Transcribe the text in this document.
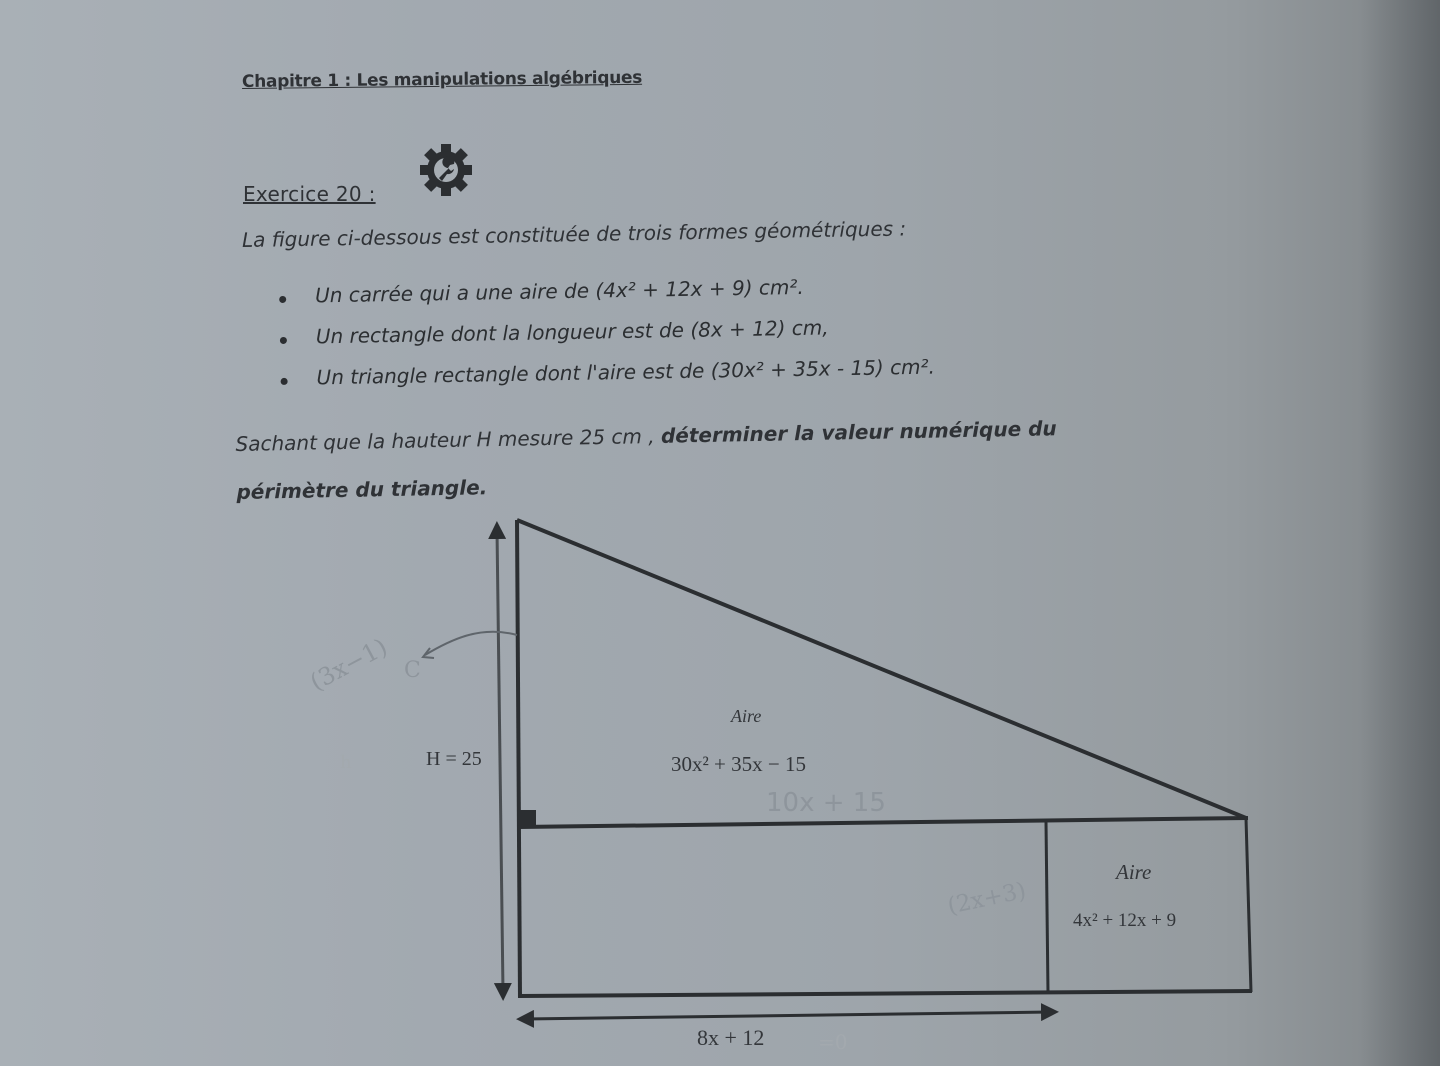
Chapitre 1 : Les manipulations algébriques
Exercice 20 :
La figure ci-dessous est constituée de trois formes géométriques :
Un carrée qui a une aire de (4x² + 12x + 9) cm².
Un rectangle dont la longueur est de (8x + 12) cm,
Un triangle rectangle dont l'aire est de (30x² + 35x - 15) cm².
Sachant que la hauteur H mesure 25 cm , déterminer la valeur numérique du
périmètre du triangle.
(3x−1) C
h	H = 25
Aire
30x² + 35x − 15
10x + 15
Aire
4x² + 12x + 9
(2x+3)
8x + 12	=0
